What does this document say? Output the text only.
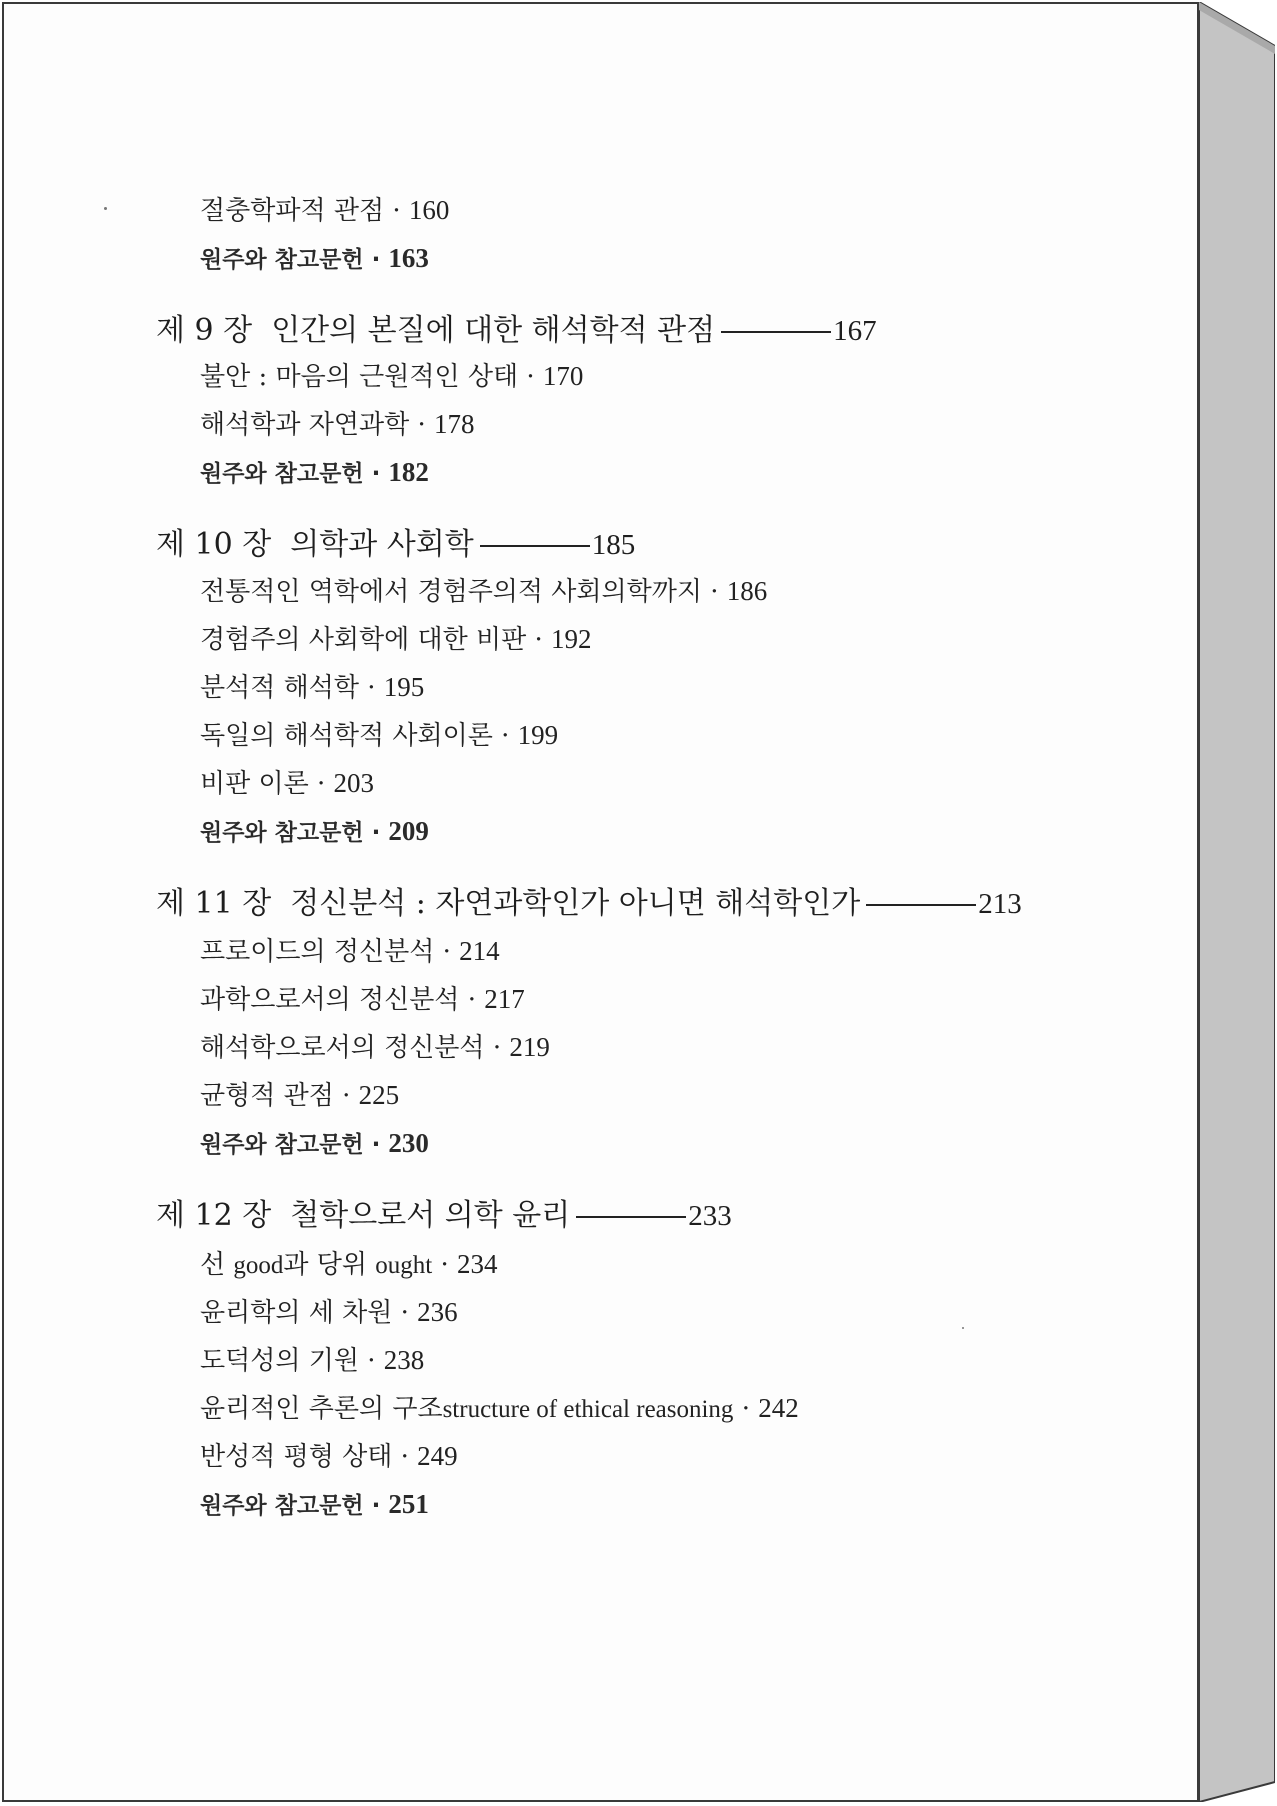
절충학파적 관점 · 160
원주와 참고문헌 · 163
제 9 장 인간의 본질에 대한 해석학적 관점	167
불안 : 마음의 근원적인 상태 · 170
해석학과 자연과학 · 178
원주와 참고문헌 · 182
제 10 장 의학과 사회학	185
전통적인 역학에서 경험주의적 사회의학까지 · 186
경험주의 사회학에 대한 비판 · 192
분석적 해석학 · 195
독일의 해석학적 사회이론 · 199
비판 이론 · 203
원주와 참고문헌 · 209
제 11 장 정신분석 : 자연과학인가 아니면 해석학인가	213
프로이드의 정신분석 · 214
과학으로서의 정신분석 · 217
해석학으로서의 정신분석 · 219
균형적 관점 · 225
원주와 참고문헌 · 230
제 12 장 철학으로서 의학 윤리	233
선 good과 당위 ought · 234
윤리학의 세 차원 · 236
도덕성의 기원 · 238
윤리적인 추론의 구조structure of ethical reasoning · 242
반성적 평형 상태 · 249
원주와 참고문헌 · 251
